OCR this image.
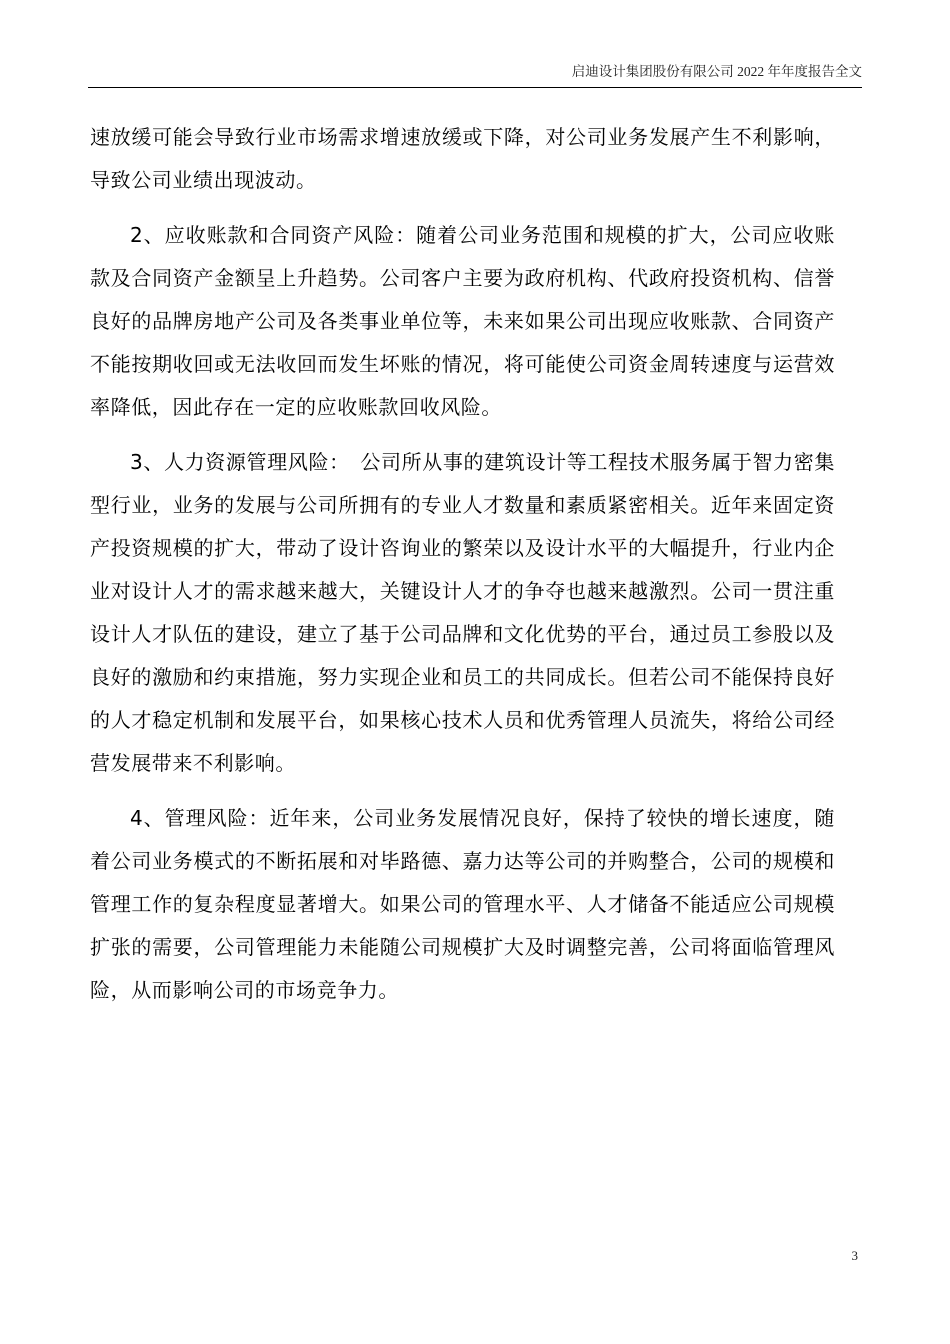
启迪设计集团股份有限公司 2022 年年度报告全文

速放缓可能会导致行业市场需求增速放缓或下降，对公司业务发展产生不利影响，导致公司业绩出现波动。

2、应收账款和合同资产风险：随着公司业务范围和规模的扩大，公司应收账款及合同资产金额呈上升趋势。公司客户主要为政府机构、代政府投资机构、信誉良好的品牌房地产公司及各类事业单位等，未来如果公司出现应收账款、合同资产不能按期收回或无法收回而发生坏账的情况，将可能使公司资金周转速度与运营效率降低，因此存在一定的应收账款回收风险。

3、人力资源管理风险：　公司所从事的建筑设计等工程技术服务属于智力密集型行业，业务的发展与公司所拥有的专业人才数量和素质紧密相关。近年来固定资产投资规模的扩大，带动了设计咨询业的繁荣以及设计水平的大幅提升，行业内企业对设计人才的需求越来越大，关键设计人才的争夺也越来越激烈。公司一贯注重设计人才队伍的建设，建立了基于公司品牌和文化优势的平台，通过员工参股以及良好的激励和约束措施，努力实现企业和员工的共同成长。但若公司不能保持良好的人才稳定机制和发展平台，如果核心技术人员和优秀管理人员流失，将给公司经营发展带来不利影响。

4、管理风险：近年来，公司业务发展情况良好，保持了较快的增长速度，随着公司业务模式的不断拓展和对毕路德、嘉力达等公司的并购整合，公司的规模和管理工作的复杂程度显著增大。如果公司的管理水平、人才储备不能适应公司规模扩张的需要，公司管理能力未能随公司规模扩大及时调整完善，公司将面临管理风险，从而影响公司的市场竞争力。

3
